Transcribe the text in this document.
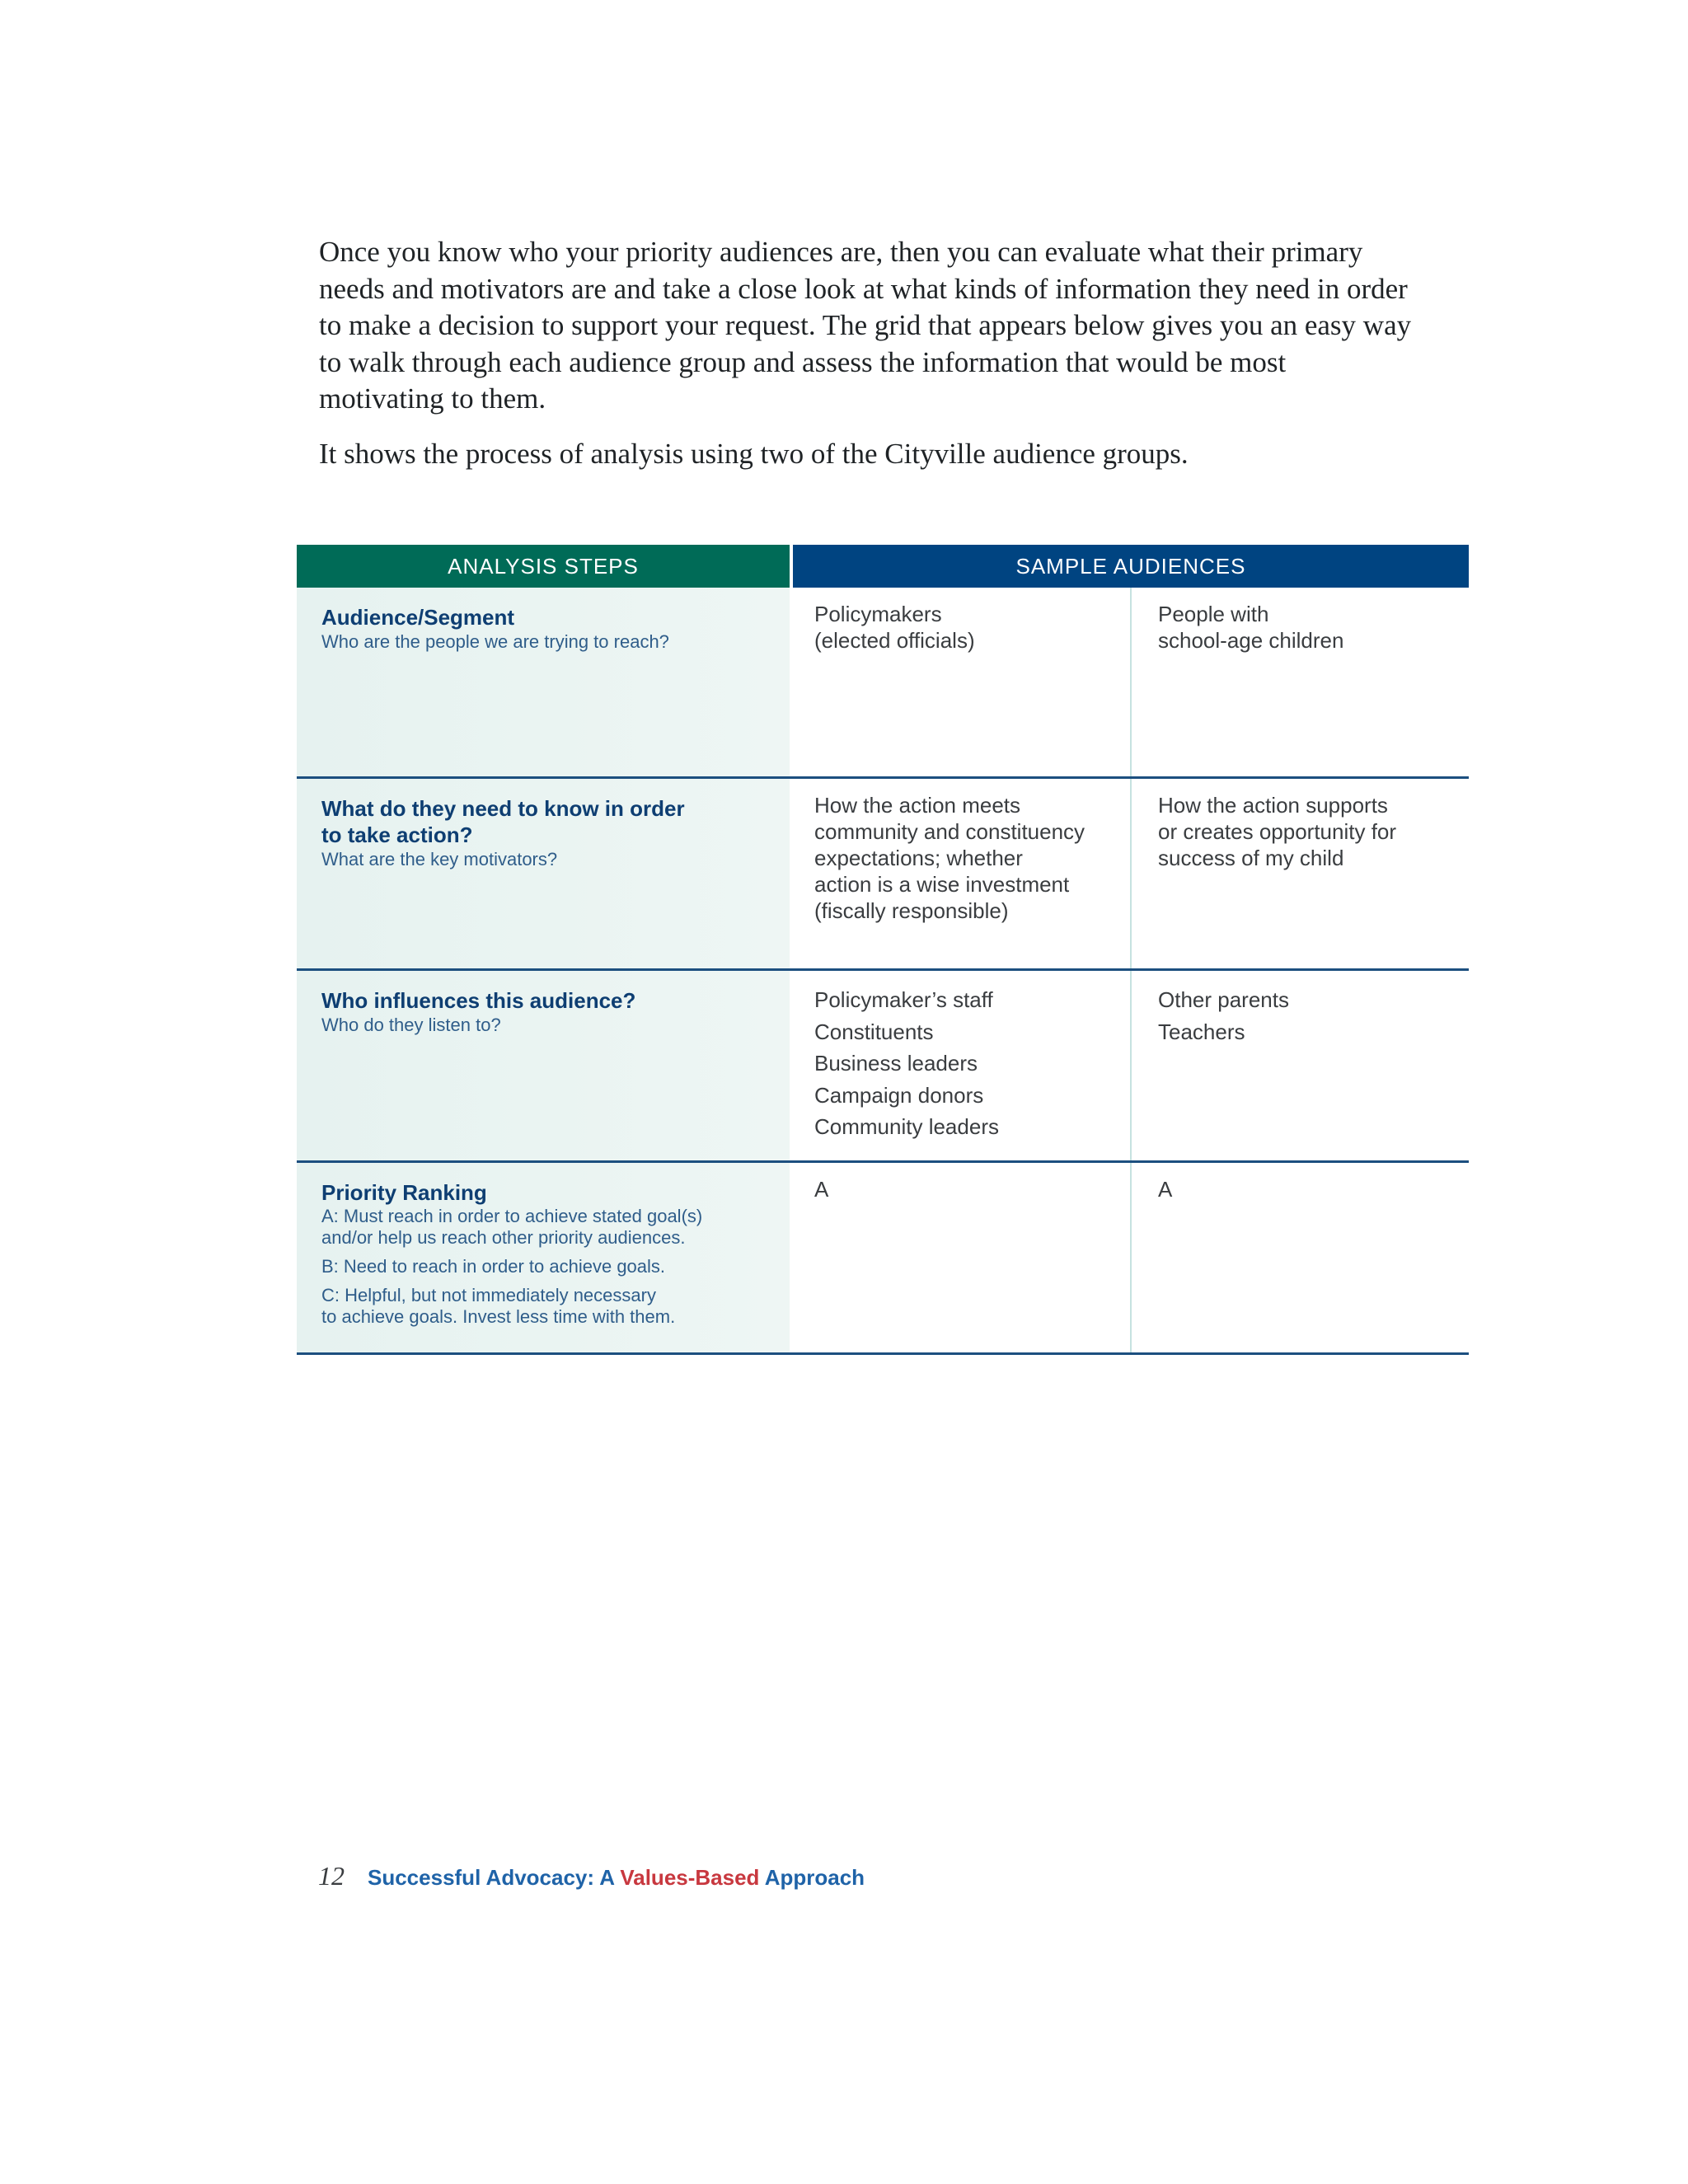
Once you know who your priority audiences are, then you can evaluate what their primary needs and motivators are and take a close look at what kinds of information they need in order to make a decision to support your request. The grid that appears below gives you an easy way to walk through each audience group and assess the information that would be most motivating to them.

It shows the process of analysis using two of the Cityville audience groups.

ANALYSIS STEPS	SAMPLE AUDIENCES
Audience/Segment
Who are the people we are trying to reach?
Policymakers
(elected officials)
People with
school-age children
What do they need to know in order
to take action?
What are the key motivators?
How the action meets
community and constituency
expectations; whether
action is a wise investment
(fiscally responsible)
How the action supports
or creates opportunity for
success of my child
Who influences this audience?
Who do they listen to?
Policymaker’s staff
Constituents
Business leaders
Campaign donors
Community leaders
Other parents
Teachers
Priority Ranking
A: Must reach in order to achieve stated goal(s)
and/or help us reach other priority audiences.
B: Need to reach in order to achieve goals.
C: Helpful, but not immediately necessary
to achieve goals. Invest less time with them.
A	A
12 Successful Advocacy: A Values-Based Approach
